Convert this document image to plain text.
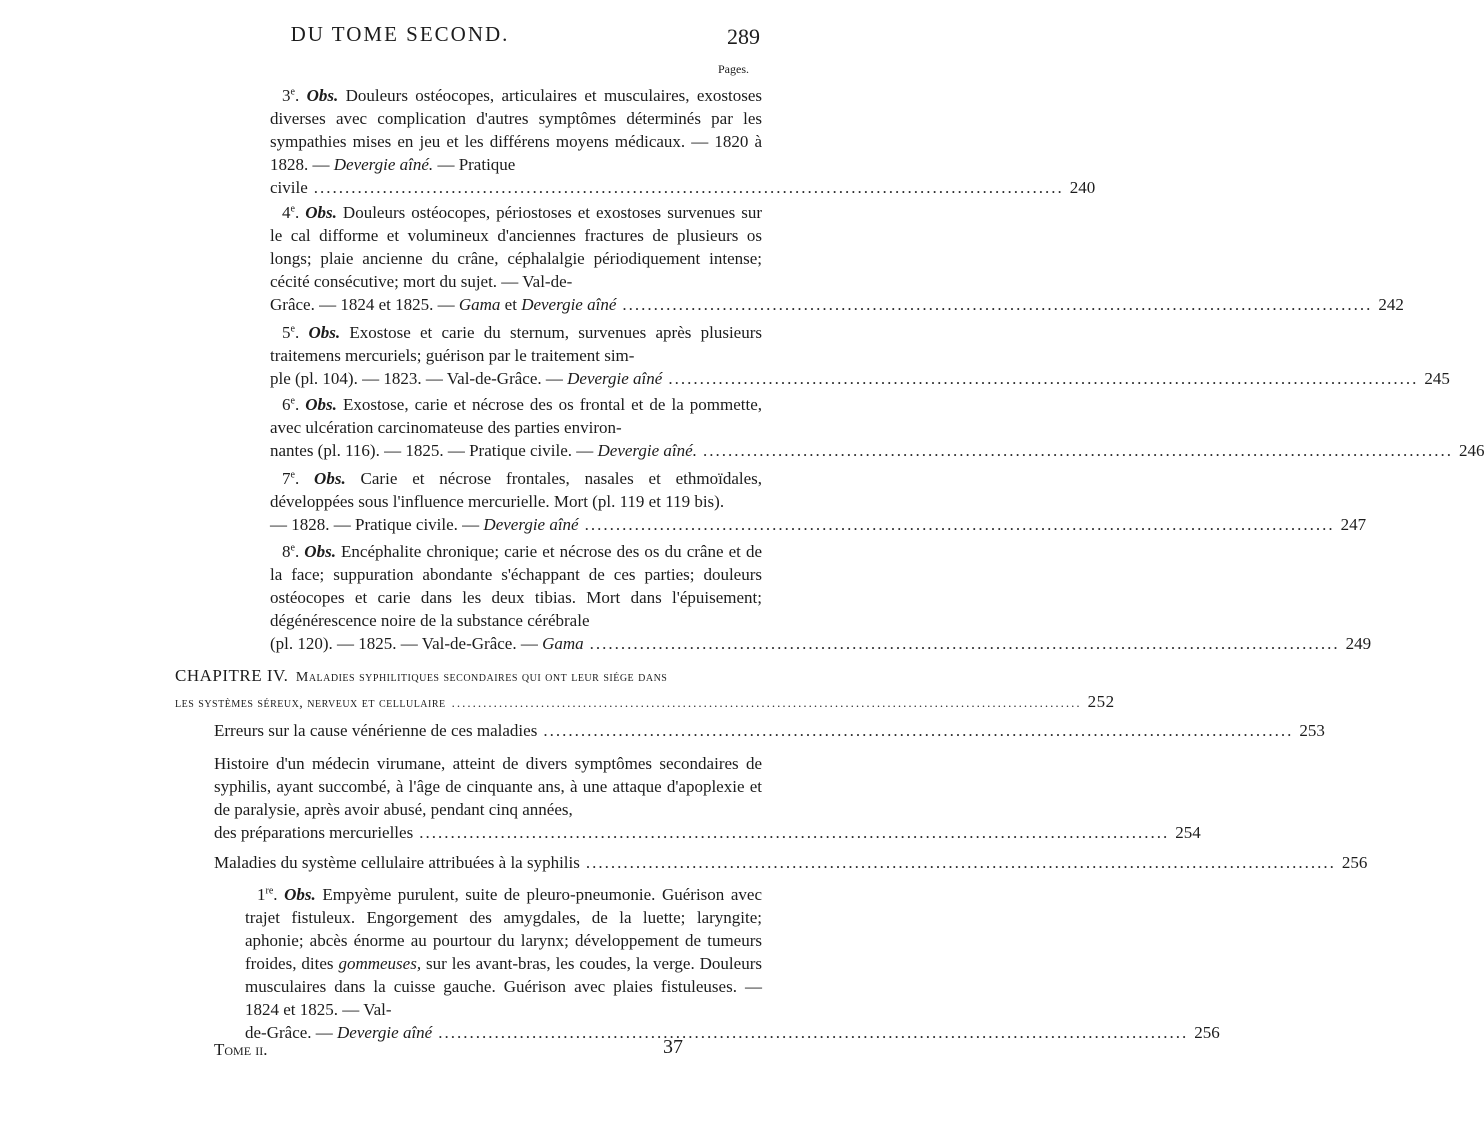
DU TOME SECOND.	289
Pages.
3e. Obs. Douleurs ostéocopes, articulaires et musculaires, exostoses diverses avec complication d'autres symptômes déterminés par les sympathies mises en jeu et les différens moyens médicaux. — 1820 à 1828. — Devergie aîné. — Pratique
civile ........................................................................................................................ 240
4e. Obs. Douleurs ostéocopes, périostoses et exostoses survenues sur le cal difforme et volumineux d'anciennes fractures de plusieurs os longs; plaie ancienne du crâne, céphalalgie périodiquement intense; cécité consécutive; mort du sujet. — Val-de-
Grâce. — 1824 et 1825. — Gama et Devergie aîné ........................................................................................................................ 242
5e. Obs. Exostose et carie du sternum, survenues après plusieurs traitemens mercuriels; guérison par le traitement sim-
ple (pl. 104). — 1823. — Val-de-Grâce. — Devergie aîné ........................................................................................................................ 245
6e. Obs. Exostose, carie et nécrose des os frontal et de la pommette, avec ulcération carcinomateuse des parties environ-
nantes (pl. 116). — 1825. — Pratique civile. — Devergie aîné. ........................................................................................................................ 246
7e. Obs. Carie et nécrose frontales, nasales et ethmoïdales, développées sous l'influence mercurielle. Mort (pl. 119 et 119 bis).
— 1828. — Pratique civile. — Devergie aîné ........................................................................................................................ 247
8e. Obs. Encéphalite chronique; carie et nécrose des os du crâne et de la face; suppuration abondante s'échappant de ces parties; douleurs ostéocopes et carie dans les deux tibias. Mort dans l'épuisement; dégénérescence noire de la substance cérébrale
(pl. 120). — 1825. — Val-de-Grâce. — Gama ........................................................................................................................ 249
CHAPITRE IV.
Maladies syphilitiques secondaires qui ont leur siége dans
les systèmes séreux, nerveux et cellulaire ........................................................................................................................ 252
Erreurs sur la cause vénérienne de ces maladies ........................................................................................................................ 253
Histoire d'un médecin virumane, atteint de divers symptômes secondaires de syphilis, ayant succombé, à l'âge de cinquante ans, à une attaque d'apoplexie et de paralysie, après avoir abusé, pendant cinq années,
des préparations mercurielles ........................................................................................................................ 254
Maladies du système cellulaire attribuées à la syphilis ........................................................................................................................ 256
1re. Obs. Empyème purulent, suite de pleuro-pneumonie. Guérison avec trajet fistuleux. Engorgement des amygdales, de la luette; laryngite; aphonie; abcès énorme au pourtour du larynx; développement de tumeurs froides, dites gommeuses, sur les avant-bras, les coudes, la verge. Douleurs musculaires dans la cuisse gauche. Guérison avec plaies fistuleuses. — 1824 et 1825. — Val-
de-Grâce. — Devergie aîné ........................................................................................................................ 256
Tome ii.	37
